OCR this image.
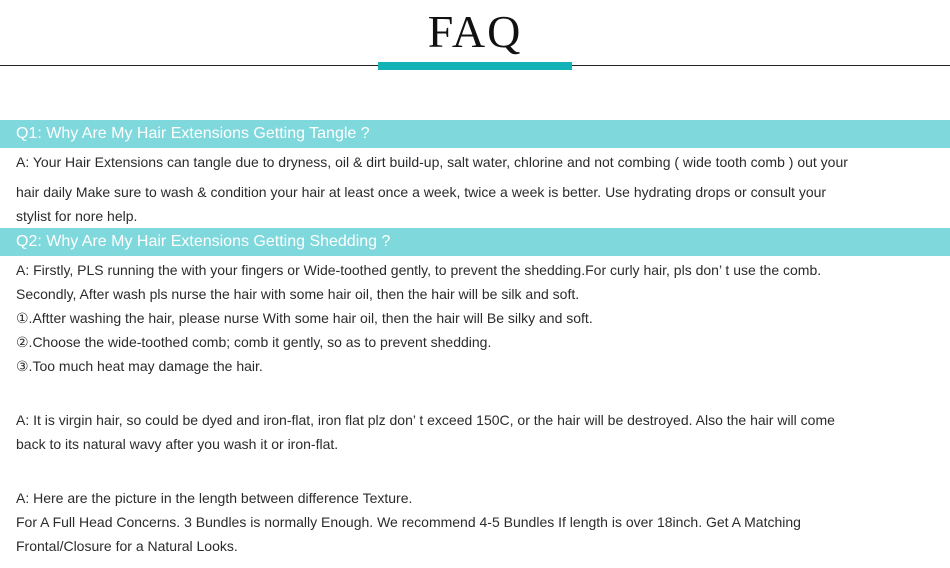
FAQ
Q1: Why Are My Hair Extensions Getting Tangle ?
A: Your Hair Extensions can tangle due to dryness, oil & dirt build-up, salt water, chlorine and not combing ( wide tooth comb ) out your
hair daily Make sure to wash & condition your hair at least once a week, twice a week is better. Use hydrating drops or consult your
stylist for nore help.
Q2: Why Are My Hair Extensions Getting Shedding ?
A: Firstly, PLS running the with your fingers or Wide-toothed gently, to prevent the shedding.For curly hair, pls don’ t use the comb.
Secondly, After wash pls nurse the hair with some hair oil, then the hair will be silk and soft.
①.Aftter washing the hair, please nurse With some hair oil, then the hair will Be silky and soft.
②.Choose the wide-toothed comb; comb it gently, so as to prevent shedding.
③.Too much heat may damage the hair.
A: It is virgin hair, so could be dyed and iron-flat, iron flat plz don’ t exceed 150C, or the hair will be destroyed. Also the hair will come
back to its natural wavy after you wash it or iron-flat.
A: Here are the picture in the length between difference Texture.
For A Full Head Concerns. 3 Bundles is normally Enough. We recommend 4-5 Bundles If length is over 18inch. Get A Matching
Frontal/Closure for a Natural Looks.
